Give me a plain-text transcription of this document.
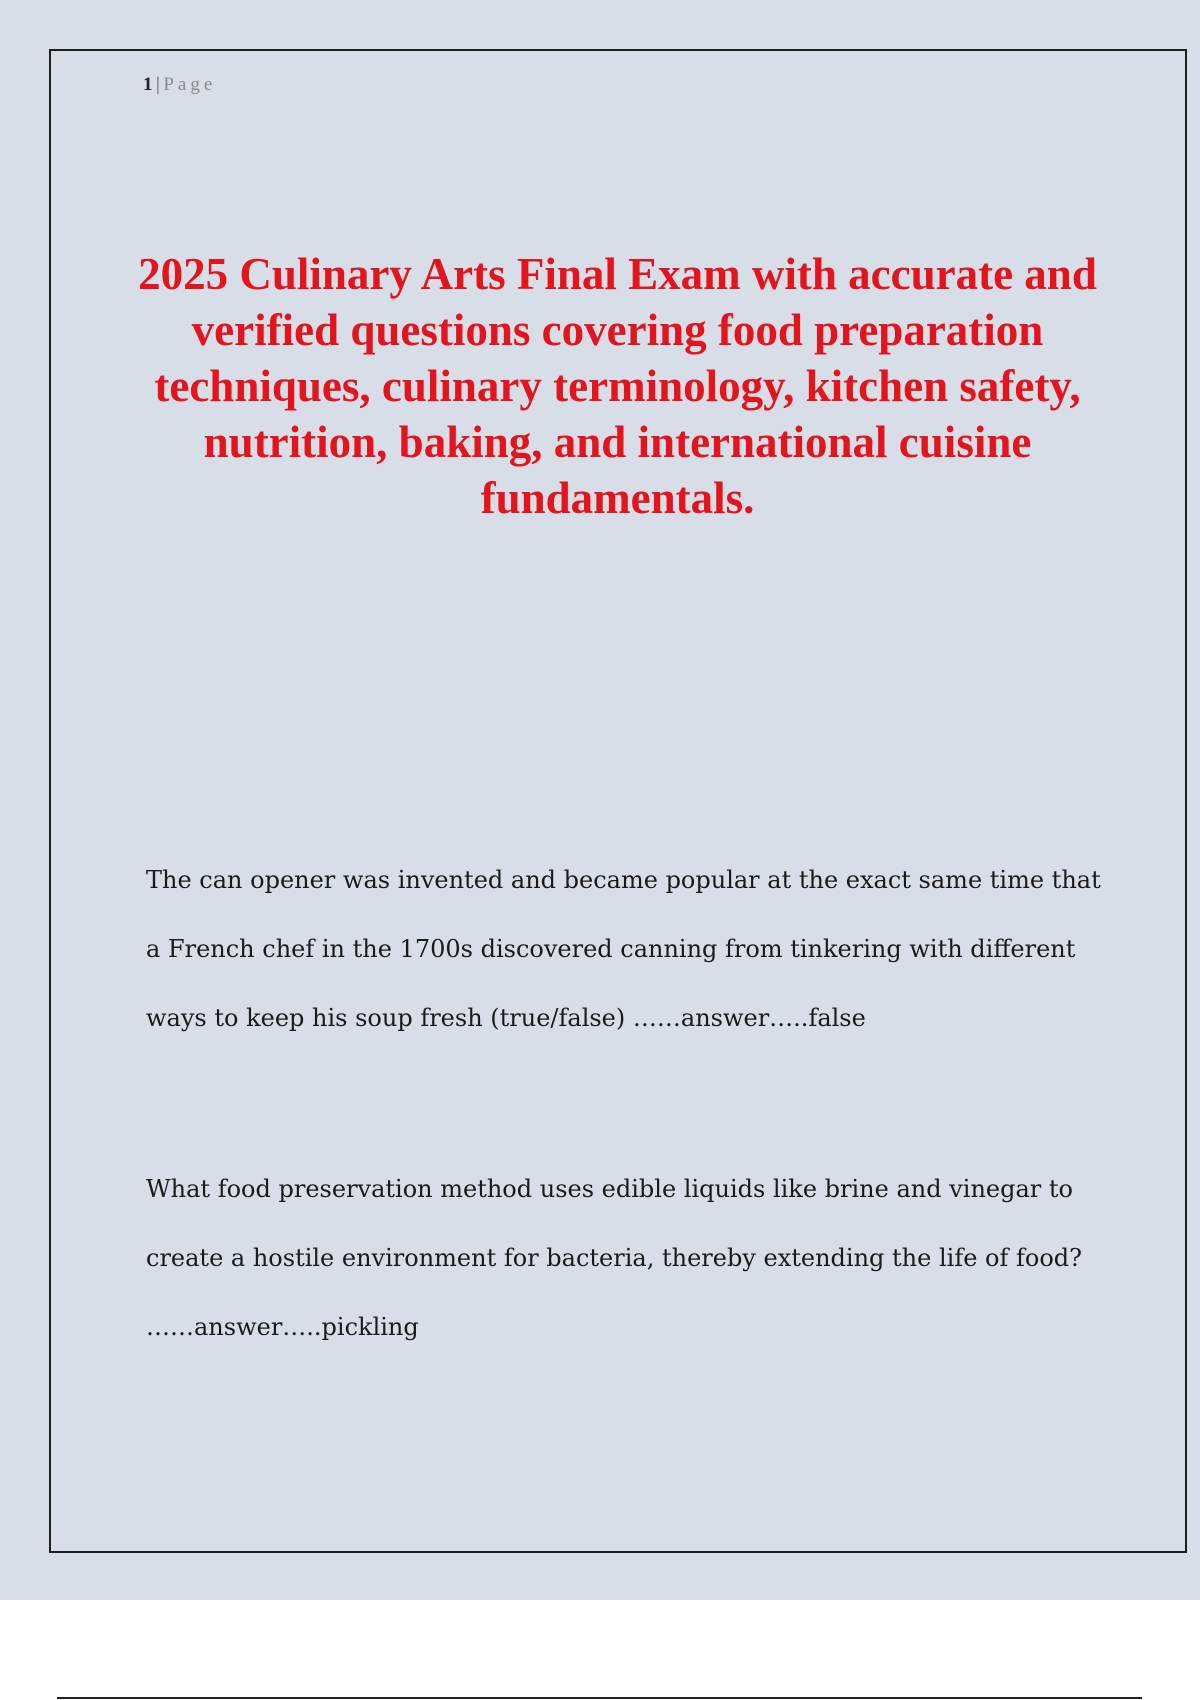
1 | Page
2025 Culinary Arts Final Exam with accurate and verified questions covering food preparation techniques, culinary terminology, kitchen safety, nutrition, baking, and international cuisine fundamentals.

The can opener was invented and became popular at the exact same time that a French chef in the 1700s discovered canning from tinkering with different ways to keep his soup fresh (true/false) ……answer…..false

What food preservation method uses edible liquids like brine and vinegar to create a hostile environment for bacteria, thereby extending the life of food? ……answer…..pickling
